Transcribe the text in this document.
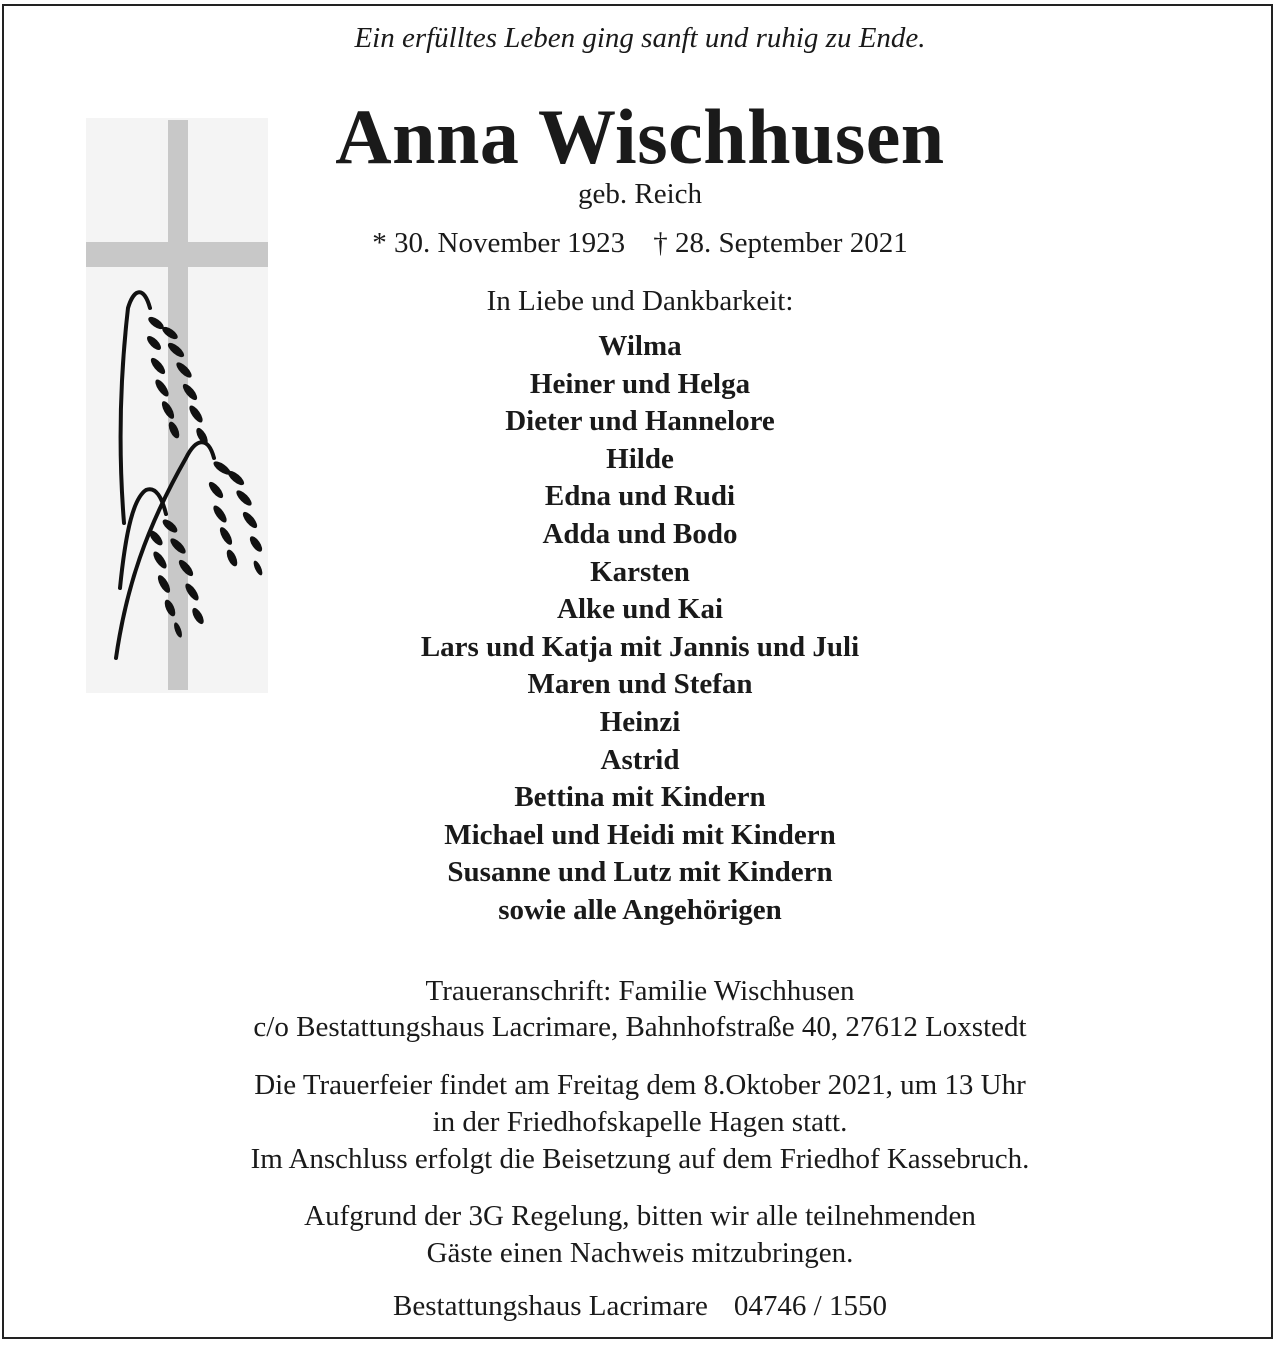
Ein erfülltes Leben ging sanft und ruhig zu Ende.
Anna Wischhusen
geb. Reich
* 30. November 1923 † 28. September 2021
In Liebe und Dankbarkeit:
Wilma
Heiner und Helga
Dieter und Hannelore
Hilde
Edna und Rudi
Adda und Bodo
Karsten
Alke und Kai
Lars und Katja mit Jannis und Juli
Maren und Stefan
Heinzi
Astrid
Bettina mit Kindern
Michael und Heidi mit Kindern
Susanne und Lutz mit Kindern
sowie alle Angehörigen
Traueranschrift: Familie Wischhusen
c/o Bestattungshaus Lacrimare, Bahnhofstraße 40, 27612 Loxstedt
Die Trauerfeier findet am Freitag dem 8.Oktober 2021, um 13 Uhr
in der Friedhofskapelle Hagen statt.
Im Anschluss erfolgt die Beisetzung auf dem Friedhof Kassebruch.
Aufgrund der 3G Regelung, bitten wir alle teilnehmenden
Gäste einen Nachweis mitzubringen.
Bestattungshaus Lacrimare 04746 / 1550
